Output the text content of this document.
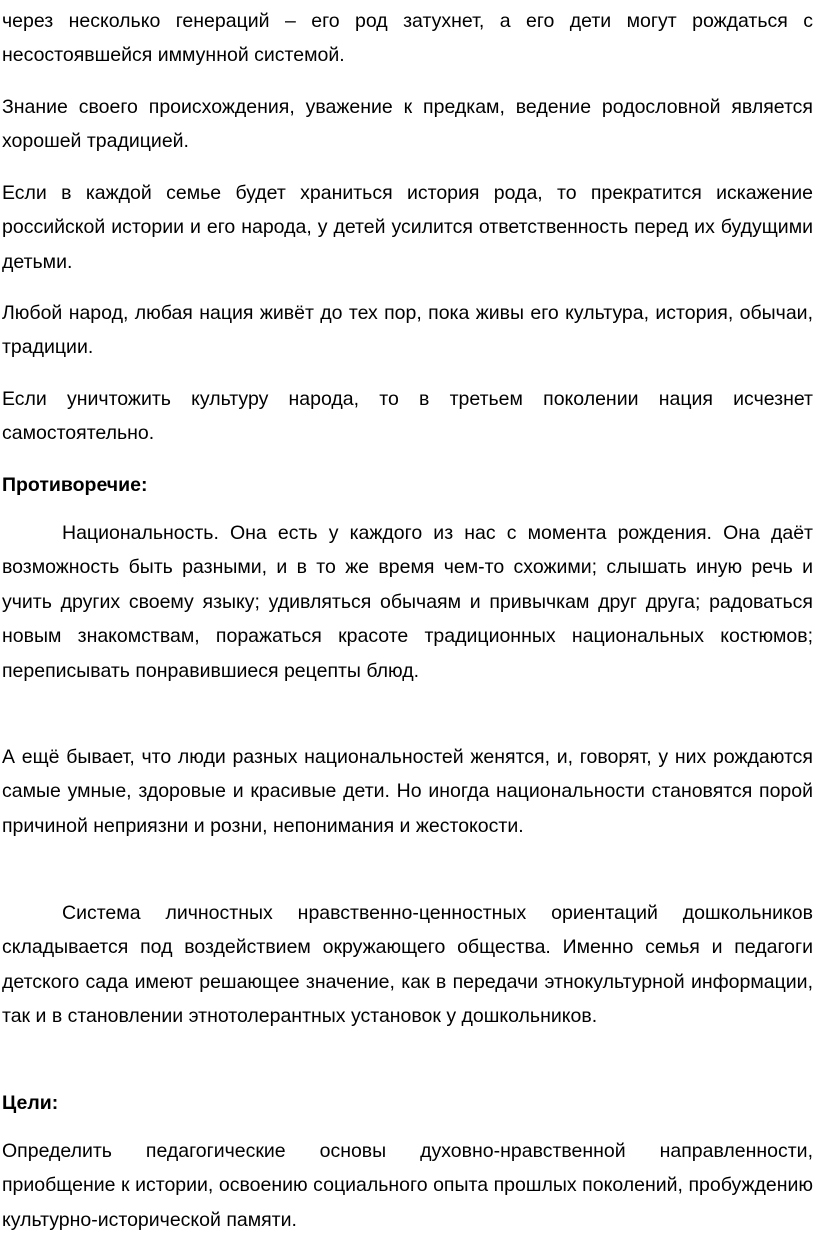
через несколько генераций – его род затухнет, а его дети могут рождаться с несостоявшейся иммунной системой.

Знание своего происхождения, уважение к предкам, ведение родословной является хорошей традицией.

Если в каждой семье будет храниться история рода, то прекратится искажение российской истории и его народа, у детей усилится ответственность перед их будущими детьми.

Любой народ, любая нация живёт до тех пор, пока живы его культура, история, обычаи, традиции.

Если уничтожить культуру народа, то в третьем поколении нация исчезнет самостоятельно.

Противоречие:

Национальность. Она есть у каждого из нас с момента рождения. Она даёт возможность быть разными, и в то же время чем-то схожими; слышать иную речь и учить других своему языку; удивляться обычаям и привычкам друг друга; радоваться новым знакомствам, поражаться красоте традиционных национальных костюмов; переписывать понравившиеся рецепты блюд.

А ещё бывает, что люди разных национальностей женятся, и, говорят, у них рождаются самые умные, здоровые и красивые дети. Но иногда национальности становятся порой причиной неприязни и розни, непонимания и жестокости.

Система личностных нравственно-ценностных ориентаций дошкольников складывается под воздействием окружающего общества. Именно семья и педагоги детского сада имеют решающее значение, как в передачи этнокультурной информации, так и в становлении этнотолерантных установок у дошкольников.

Цели:

Определить педагогические основы духовно-нравственной направленности, приобщение к истории, освоению социального опыта прошлых поколений, пробуждению культурно-исторической памяти.
